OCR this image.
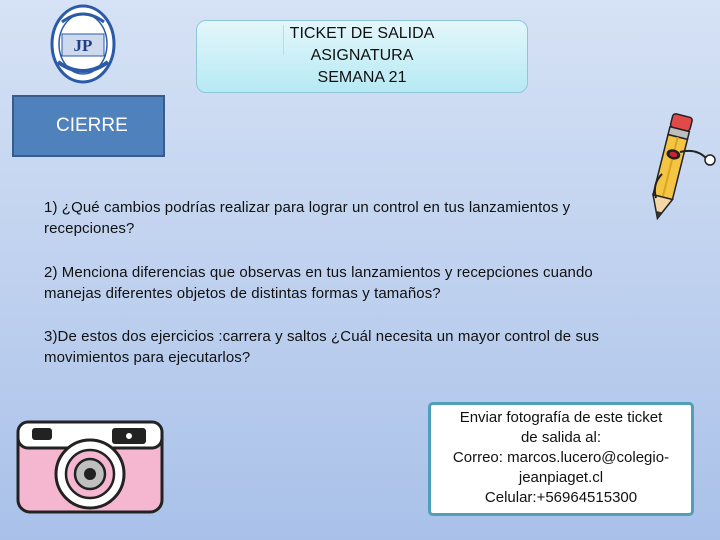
JP
TICKET DE SALIDA
ASIGNATURA
SEMANA 21
CIERRE
1) ¿Qué cambios podrías realizar para lograr un control en tus lanzamientos y recepciones?
2) Menciona diferencias que observas en tus lanzamientos y recepciones cuando manejas diferentes objetos de distintas formas y tamaños?
3)De estos dos ejercicios :carrera y saltos ¿Cuál necesita un mayor control de sus movimientos para ejecutarlos?
Enviar fotografía de este ticket
de salida al:
Correo: marcos.lucero@colegio-
jeanpiaget.cl
Celular:+56964515300
